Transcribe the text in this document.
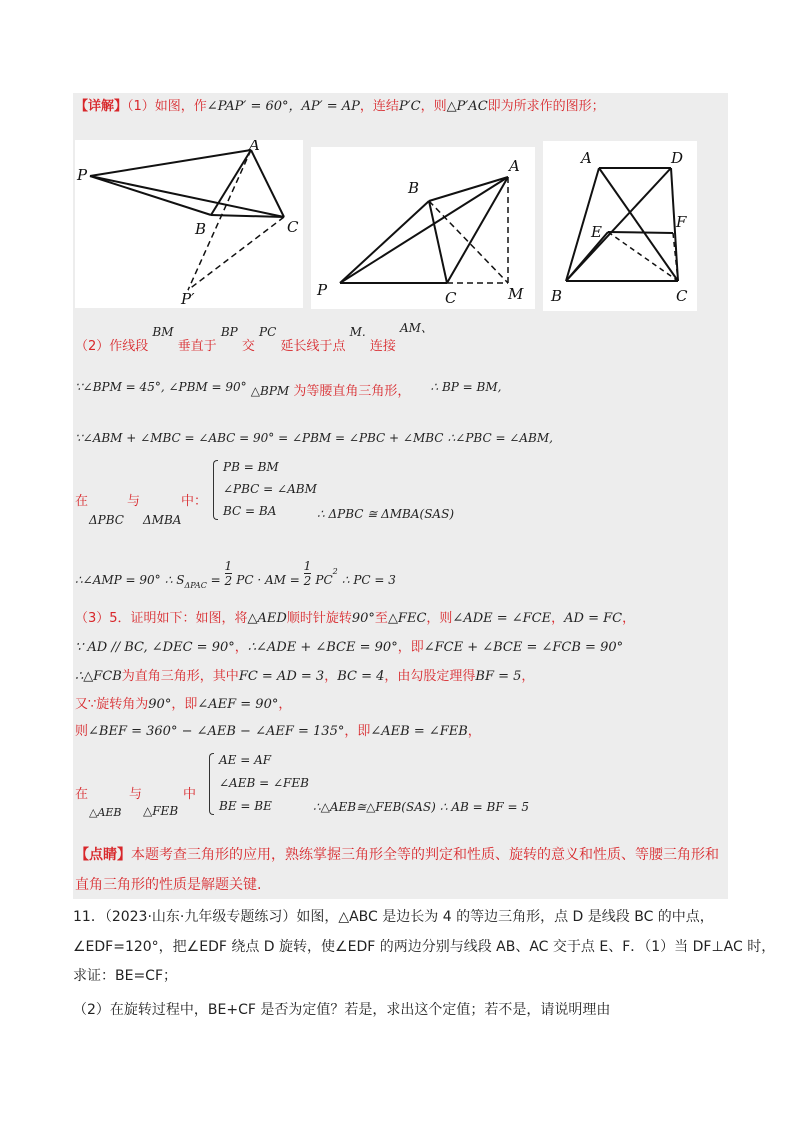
【详解】（1）如图，作∠PAP′ = 60°，AP′ = AP，连结P′C，则△P′AC即为所求作的图形；
A
P
B	C
P′
A
B
P	C	M
A	D
E
F
B	C
（2）作线段 BM 垂直于 BP 交 PC 延长线于点 M. 连接 AM、
∵∠BPM = 45°, ∠PBM = 90° △BPM 为等腰直角三角形， ∴ BP = BM,
∵∠ABM + ∠MBC = ∠ABC = 90° = ∠PBM = ∠PBC + ∠MBC ∴∠PBC = ∠ABM,
在
ΔPBC
与
ΔMBA
中：
PB = BM
∠PBC = ∠ABM
BC = BA	∴ ΔPBC ≅ ΔMBA(SAS)
∴∠AMP = 90° ∴ $S_{\Delta PAC} = \frac{1}{2}$ PC · AM = $\frac{1}{2} PC2$ ∴ PC = 3
（3）5．证明如下：如图，将△AED顺时针旋转90°至△FEC，则∠ADE = ∠FCE，AD = FC，
∵ AD // BC, ∠DEC = 90°，∴∠ADE + ∠BCE = 90°，即∠FCE + ∠BCE = ∠FCB = 90°
∴△FCB为直角三角形，其中FC = AD = 3，BC = 4，由勾股定理得BF = 5，
又∵旋转角为90°，即∠AEF = 90°，
则∠BEF = 360° − ∠AEB − ∠AEF = 135°，即∠AEB = ∠FEB，
在
△AEB
与
△FEB
中
AE = AF
∠AEB = ∠FEB
BE = BE	∴△AEB≅△FEB(SAS) ∴ AB = BF = 5
【点睛】本题考查三角形的应用，熟练掌握三角形全等的判定和性质、旋转的意义和性质、等腰三角形和
直角三角形的性质是解题关键.
11．（2023·山东·九年级专题练习）如图，△ABC 是边长为 4 的等边三角形，点 D 是线段 BC 的中点，
∠EDF=120°，把∠EDF 绕点 D 旋转，使∠EDF 的两边分别与线段 AB、AC 交于点 E、F．（1）当 DF⊥AC 时，
求证：BE=CF；
（2）在旋转过程中，BE+CF 是否为定值？若是，求出这个定值；若不是，请说明理由
